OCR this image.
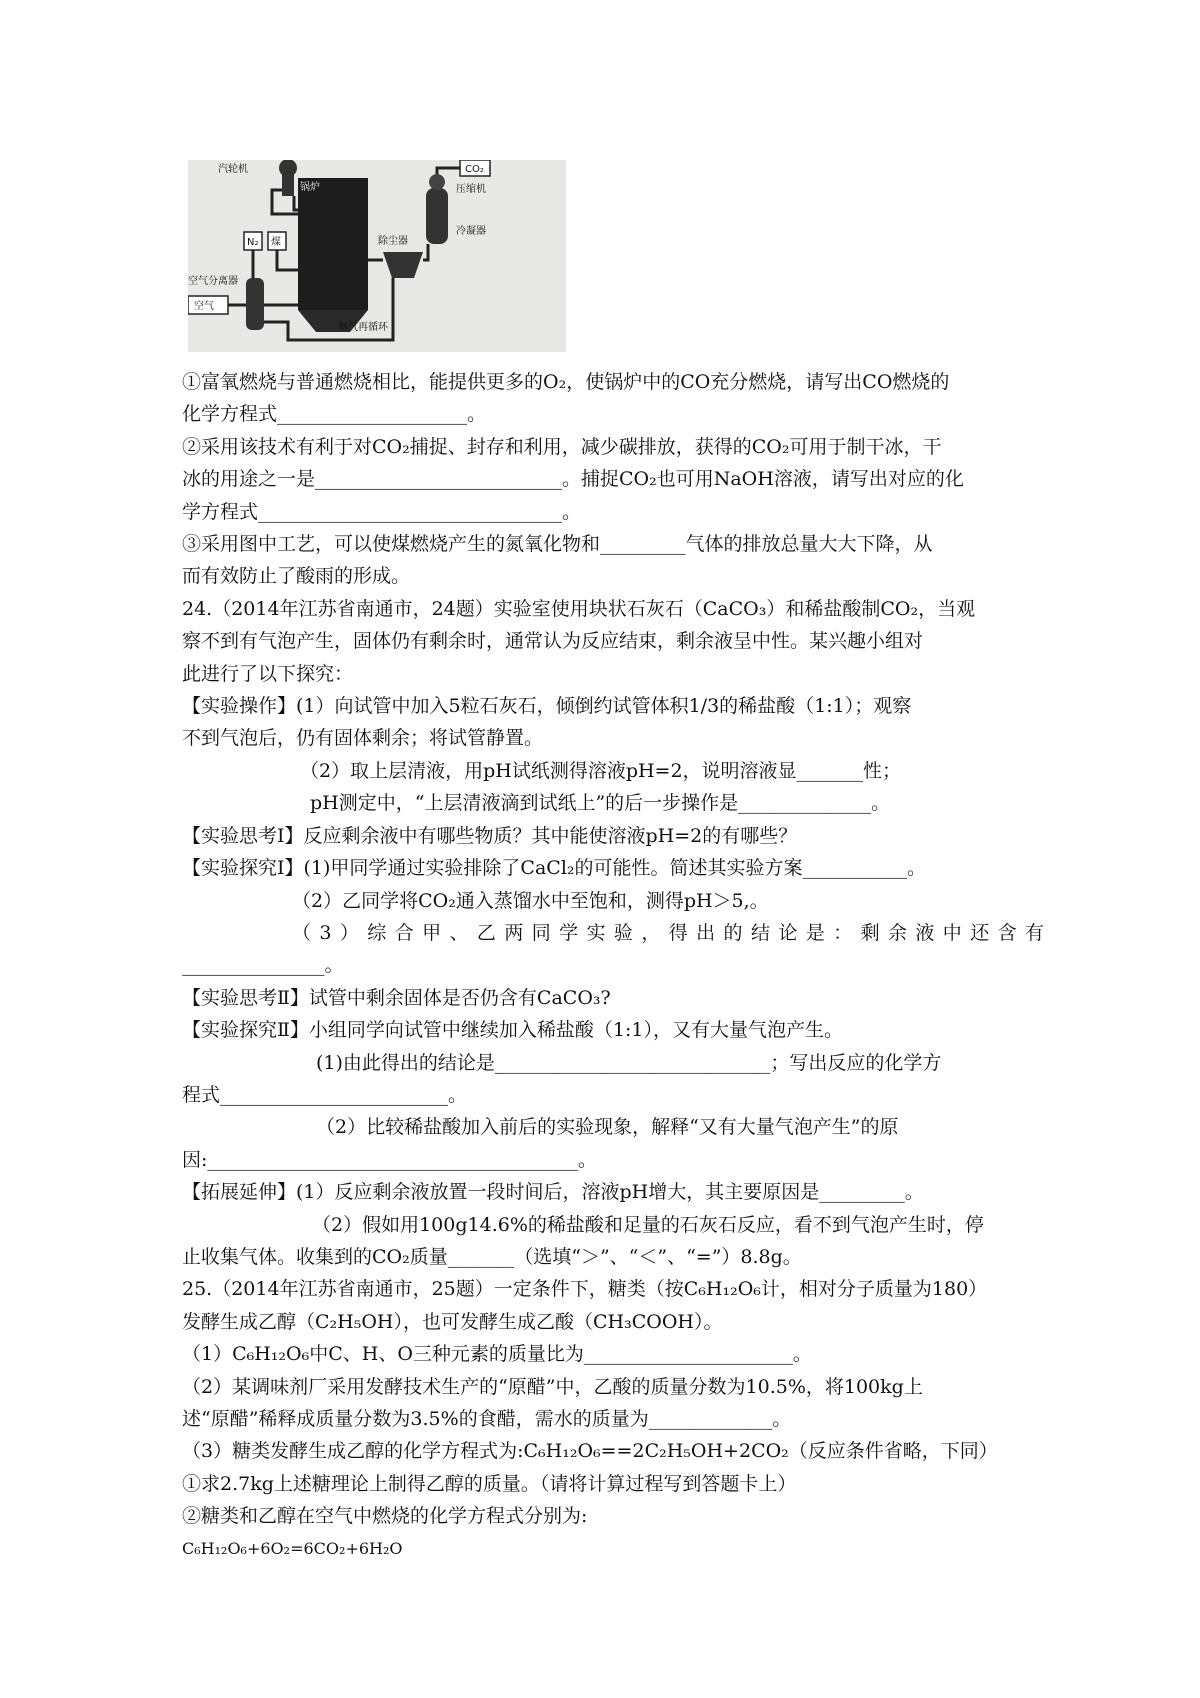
汽轮机
锅炉
CO₂
压缩机
除尘器
冷凝器
N₂ 煤
空气分离器
空气
烟气再循环

①富氧燃烧与普通燃烧相比，能提供更多的O₂，使锅炉中的CO充分燃烧，请写出CO燃烧的

化学方程式____________________。

②采用该技术有利于对CO₂捕捉、封存和利用，减少碳排放，获得的CO₂可用于制干冰，干

冰的用途之一是__________________________。捕捉CO₂也可用NaOH溶液，请写出对应的化

学方程式________________________________。

③采用图中工艺，可以使煤燃烧产生的氮氧化物和_________气体的排放总量大大下降，从

而有效防止了酸雨的形成。

24.（2014年江苏省南通市，24题）实验室使用块状石灰石（CaCO₃）和稀盐酸制CO₂，当观

察不到有气泡产生，固体仍有剩余时，通常认为反应结束，剩余液呈中性。某兴趣小组对

此进行了以下探究：

【实验操作】(1）向试管中加入5粒石灰石，倾倒约试管体积1/3的稀盐酸（1:1）；观察

不到气泡后，仍有固体剩余；将试管静置。

（2）取上层清液，用pH试纸测得溶液pH=2，说明溶液显_______性；

pH测定中，“上层清液滴到试纸上”的后一步操作是______________。

【实验思考Ⅰ】反应剩余液中有哪些物质？其中能使溶液pH=2的有哪些？

【实验探究Ⅰ】(1)甲同学通过实验排除了CaCl₂的可能性。简述其实验方案___________。

（2）乙同学将CO₂通入蒸馏水中至饱和，测得pH＞5,。

（3）综合甲、乙两同学实验，得出的结论是：剩余液中还含有

_______________。

【实验思考Ⅱ】试管中剩余固体是否仍含有CaCO₃?

【实验探究Ⅱ】小组同学向试管中继续加入稀盐酸（1:1），又有大量气泡产生。

(1)由此得出的结论是_____________________________；写出反应的化学方

程式________________________。

（2）比较稀盐酸加入前后的实验现象，解释“又有大量气泡产生”的原

因:_______________________________________。

【拓展延伸】(1）反应剩余液放置一段时间后，溶液pH增大，其主要原因是_________。

（2）假如用100g14.6%的稀盐酸和足量的石灰石反应，看不到气泡产生时，停

止收集气体。收集到的CO₂质量_______（选填“＞”、“＜”、“=”）8.8g。

25.（2014年江苏省南通市，25题）一定条件下，糖类（按C₆H₁₂O₆计，相对分子质量为180）

发酵生成乙醇（C₂H₅OH），也可发酵生成乙酸（CH₃COOH）。

（1）C₆H₁₂O₆中C、H、O三种元素的质量比为______________________。

（2）某调味剂厂采用发酵技术生产的“原醋”中，乙酸的质量分数为10.5%，将100kg上

述“原醋”稀释成质量分数为3.5%的食醋，需水的质量为_____________。

（3）糖类发酵生成乙醇的化学方程式为:C₆H₁₂O₆==2C₂H₅OH+2CO₂（反应条件省略，下同）

①求2.7kg上述糖理论上制得乙醇的质量。（请将计算过程写到答题卡上）

②糖类和乙醇在空气中燃烧的化学方程式分别为:

C₆H₁₂O₆+6O₂=6CO₂+6H₂O
